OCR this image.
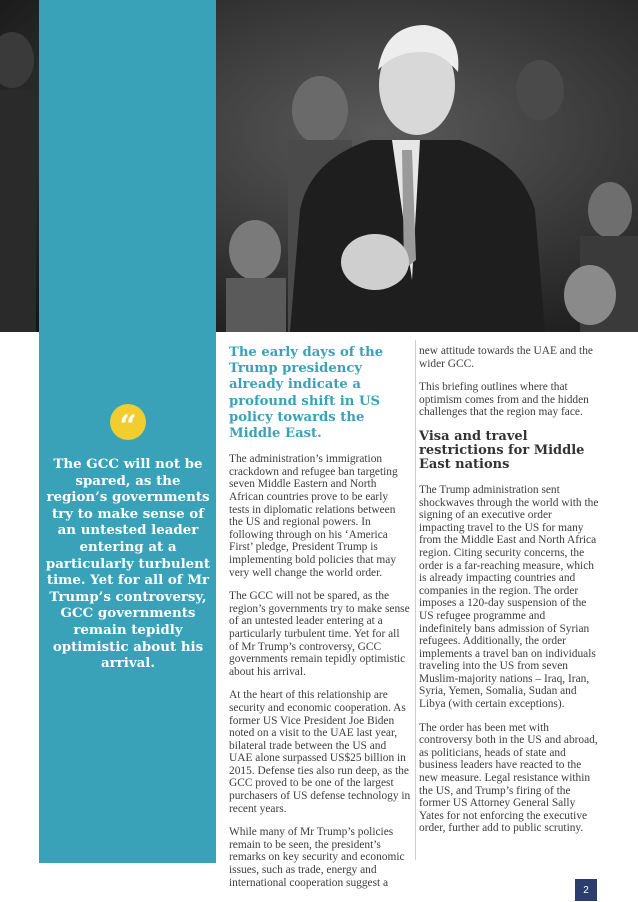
“

The GCC will not be spared, as the region’s governments try to make sense of an untested leader entering at a particularly turbulent time. Yet for all of Mr Trump’s controversy, GCC governments remain tepidly optimistic about his arrival.

The early days of the Trump presidency already indicate a profound shift in US policy towards the Middle East.

The administration’s immigration crackdown and refugee ban targeting seven Middle Eastern and North African countries prove to be early tests in diplomatic relations between the US and regional powers. In following through on his ‘America First’ pledge, President Trump is implementing bold policies that may very well change the world order.

The GCC will not be spared, as the region’s governments try to make sense of an untested leader entering at a particularly turbulent time. Yet for all of Mr Trump’s controversy, GCC governments remain tepidly optimistic about his arrival.

At the heart of this relationship are security and economic cooperation. As former US Vice President Joe Biden noted on a visit to the UAE last year, bilateral trade between the US and UAE alone surpassed US$25 billion in 2015. Defense ties also run deep, as the GCC proved to be one of the largest purchasers of US defense technology in recent years.

While many of Mr Trump’s policies remain to be seen, the president’s remarks on key security and economic issues, such as trade, energy and international cooperation suggest a

new attitude towards the UAE and the wider GCC.

This briefing outlines where that optimism comes from and the hidden challenges that the region may face.

Visa and travel restrictions for Middle East nations

The Trump administration sent shockwaves through the world with the signing of an executive order impacting travel to the US for many from the Middle East and North Africa region. Citing security concerns, the order is a far-reaching measure, which is already impacting countries and companies in the region. The order imposes a 120-day suspension of the US refugee programme and indefinitely bans admission of Syrian refugees. Additionally, the order implements a travel ban on individuals traveling into the US from seven Muslim-majority nations – Iraq, Iran, Syria, Yemen, Somalia, Sudan and Libya (with certain exceptions).

The order has been met with controversy both in the US and abroad, as politicians, heads of state and business leaders have reacted to the new measure. Legal resistance within the US, and Trump’s firing of the former US Attorney General Sally Yates for not enforcing the executive order, further add to public scrutiny.

2
